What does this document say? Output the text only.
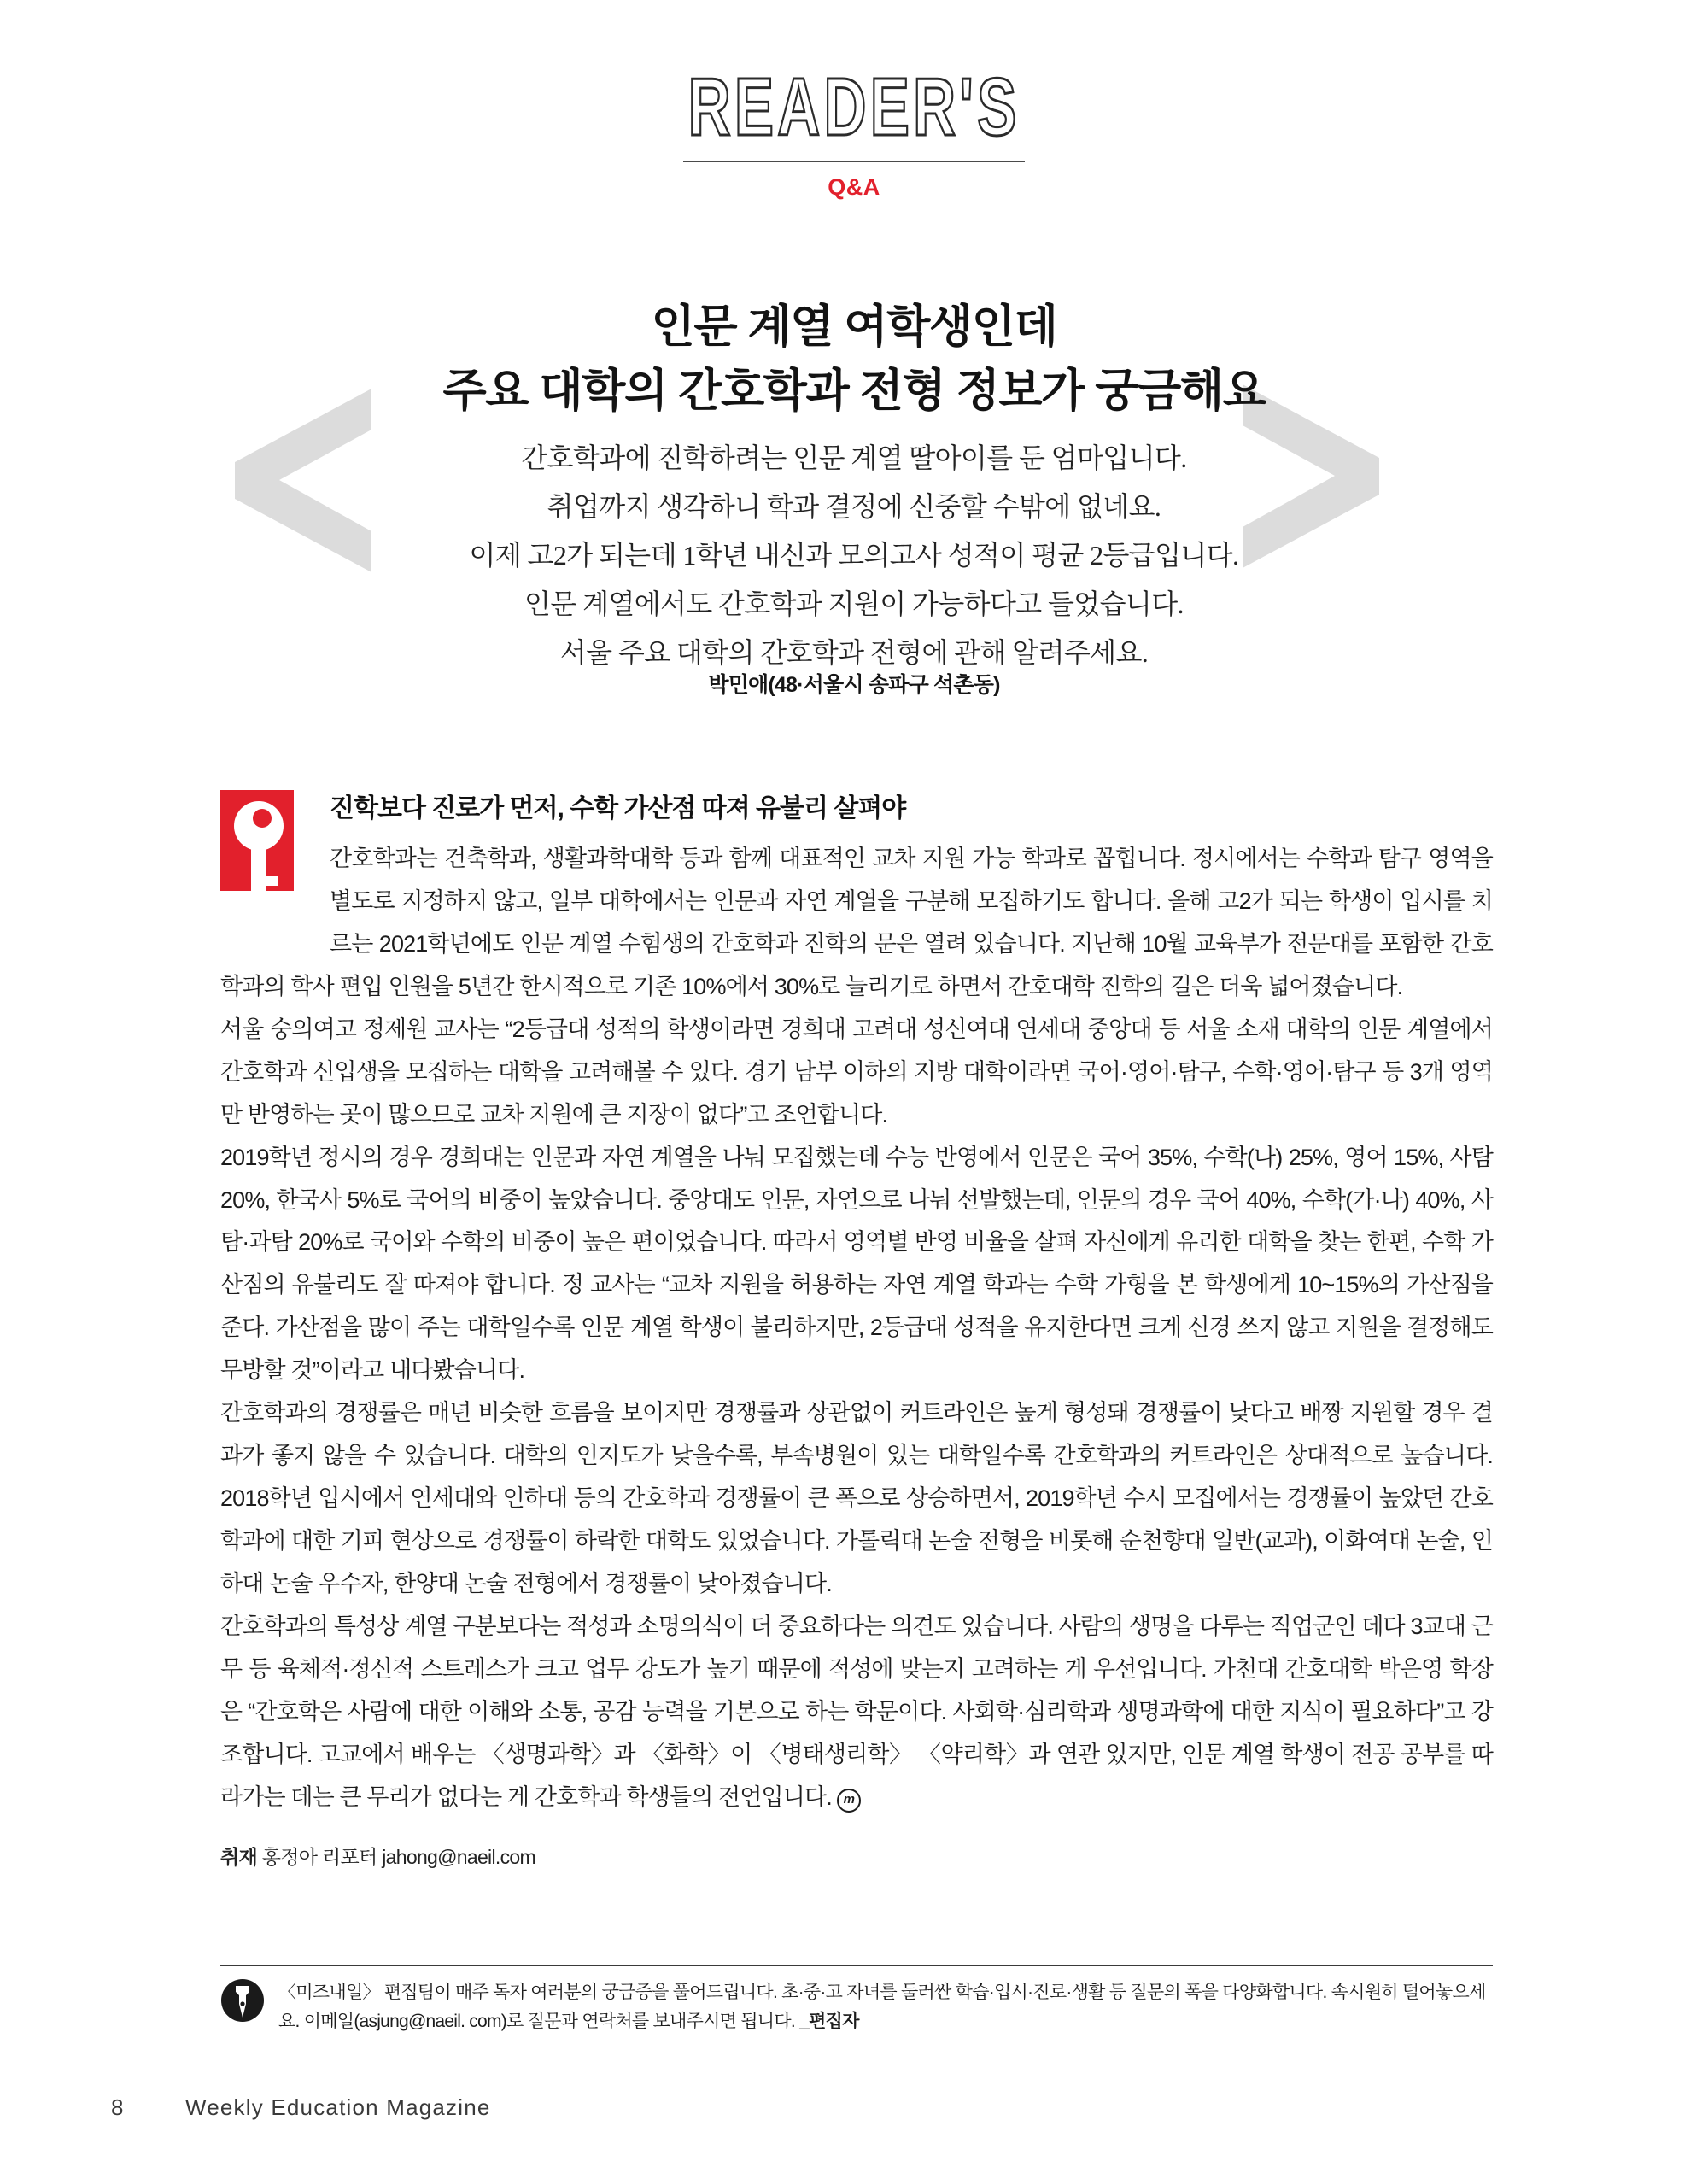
READER'S
Q&A
인문 계열 여학생인데
주요 대학의 간호학과 전형 정보가 궁금해요
간호학과에 진학하려는 인문 계열 딸아이를 둔 엄마입니다.
취업까지 생각하니 학과 결정에 신중할 수밖에 없네요.
이제 고2가 되는데 1학년 내신과 모의고사 성적이 평균 2등급입니다.
인문 계열에서도 간호학과 지원이 가능하다고 들었습니다.
서울 주요 대학의 간호학과 전형에 관해 알려주세요.
박민애(48·서울시 송파구 석촌동)
진학보다 진로가 먼저, 수학 가산점 따져 유불리 살펴야

간호학과는 건축학과, 생활과학대학 등과 함께 대표적인 교차 지원 가능 학과로 꼽힙니다. 정시에서는 수학과 탐구 영역을 별도로 지정하지 않고, 일부 대학에서는 인문과 자연 계열을 구분해 모집하기도 합니다. 올해 고2가 되는 학생이 입시를 치르는 2021학년에도 인문 계열 수험생의 간호학과 진학의 문은 열려 있습니다. 지난해 10월 교육부가 전문대를 포함한 간호학과의 학사 편입 인원을 5년간 한시적으로 기존 10%에서 30%로 늘리기로 하면서 간호대학 진학의 길은 더욱 넓어졌습니다.

서울 숭의여고 정제원 교사는 “2등급대 성적의 학생이라면 경희대 고려대 성신여대 연세대 중앙대 등 서울 소재 대학의 인문 계열에서 간호학과 신입생을 모집하는 대학을 고려해볼 수 있다. 경기 남부 이하의 지방 대학이라면 국어·영어·탐구, 수학·영어·탐구 등 3개 영역만 반영하는 곳이 많으므로 교차 지원에 큰 지장이 없다”고 조언합니다.

2019학년 정시의 경우 경희대는 인문과 자연 계열을 나눠 모집했는데 수능 반영에서 인문은 국어 35%, 수학(나) 25%, 영어 15%, 사탐 20%, 한국사 5%로 국어의 비중이 높았습니다. 중앙대도 인문, 자연으로 나눠 선발했는데, 인문의 경우 국어 40%, 수학(가·나) 40%, 사탐·과탐 20%로 국어와 수학의 비중이 높은 편이었습니다. 따라서 영역별 반영 비율을 살펴 자신에게 유리한 대학을 찾는 한편, 수학 가산점의 유불리도 잘 따져야 합니다. 정 교사는 “교차 지원을 허용하는 자연 계열 학과는 수학 가형을 본 학생에게 10~15%의 가산점을 준다. 가산점을 많이 주는 대학일수록 인문 계열 학생이 불리하지만, 2등급대 성적을 유지한다면 크게 신경 쓰지 않고 지원을 결정해도 무방할 것”이라고 내다봤습니다.

간호학과의 경쟁률은 매년 비슷한 흐름을 보이지만 경쟁률과 상관없이 커트라인은 높게 형성돼 경쟁률이 낮다고 배짱 지원할 경우 결과가 좋지 않을 수 있습니다. 대학의 인지도가 낮을수록, 부속병원이 있는 대학일수록 간호학과의 커트라인은 상대적으로 높습니다. 2018학년 입시에서 연세대와 인하대 등의 간호학과 경쟁률이 큰 폭으로 상승하면서, 2019학년 수시 모집에서는 경쟁률이 높았던 간호학과에 대한 기피 현상으로 경쟁률이 하락한 대학도 있었습니다. 가톨릭대 논술 전형을 비롯해 순천향대 일반(교과), 이화여대 논술, 인하대 논술 우수자, 한양대 논술 전형에서 경쟁률이 낮아졌습니다.

간호학과의 특성상 계열 구분보다는 적성과 소명의식이 더 중요하다는 의견도 있습니다. 사람의 생명을 다루는 직업군인 데다 3교대 근무 등 육체적·정신적 스트레스가 크고 업무 강도가 높기 때문에 적성에 맞는지 고려하는 게 우선입니다. 가천대 간호대학 박은영 학장은 “간호학은 사람에 대한 이해와 소통, 공감 능력을 기본으로 하는 학문이다. 사회학·심리학과 생명과학에 대한 지식이 필요하다”고 강조합니다. 고교에서 배우는 〈생명과학〉과 〈화학〉이 〈병태생리학〉 〈약리학〉과 연관 있지만, 인문 계열 학생이 전공 공부를 따라가는 데는 큰 무리가 없다는 게 간호학과 학생들의 전언입니다. m

취재 홍정아 리포터 jahong@naeil.com
〈미즈내일〉 편집팀이 매주 독자 여러분의 궁금증을 풀어드립니다. 초·중·고 자녀를 둘러싼 학습·입시·진로·생활 등 질문의 폭을 다양화합니다. 속시원히 털어놓으세요. 이메일(asjung@naeil. com)로 질문과 연락처를 보내주시면 됩니다. _편집자
8	Weekly Education Magazine
